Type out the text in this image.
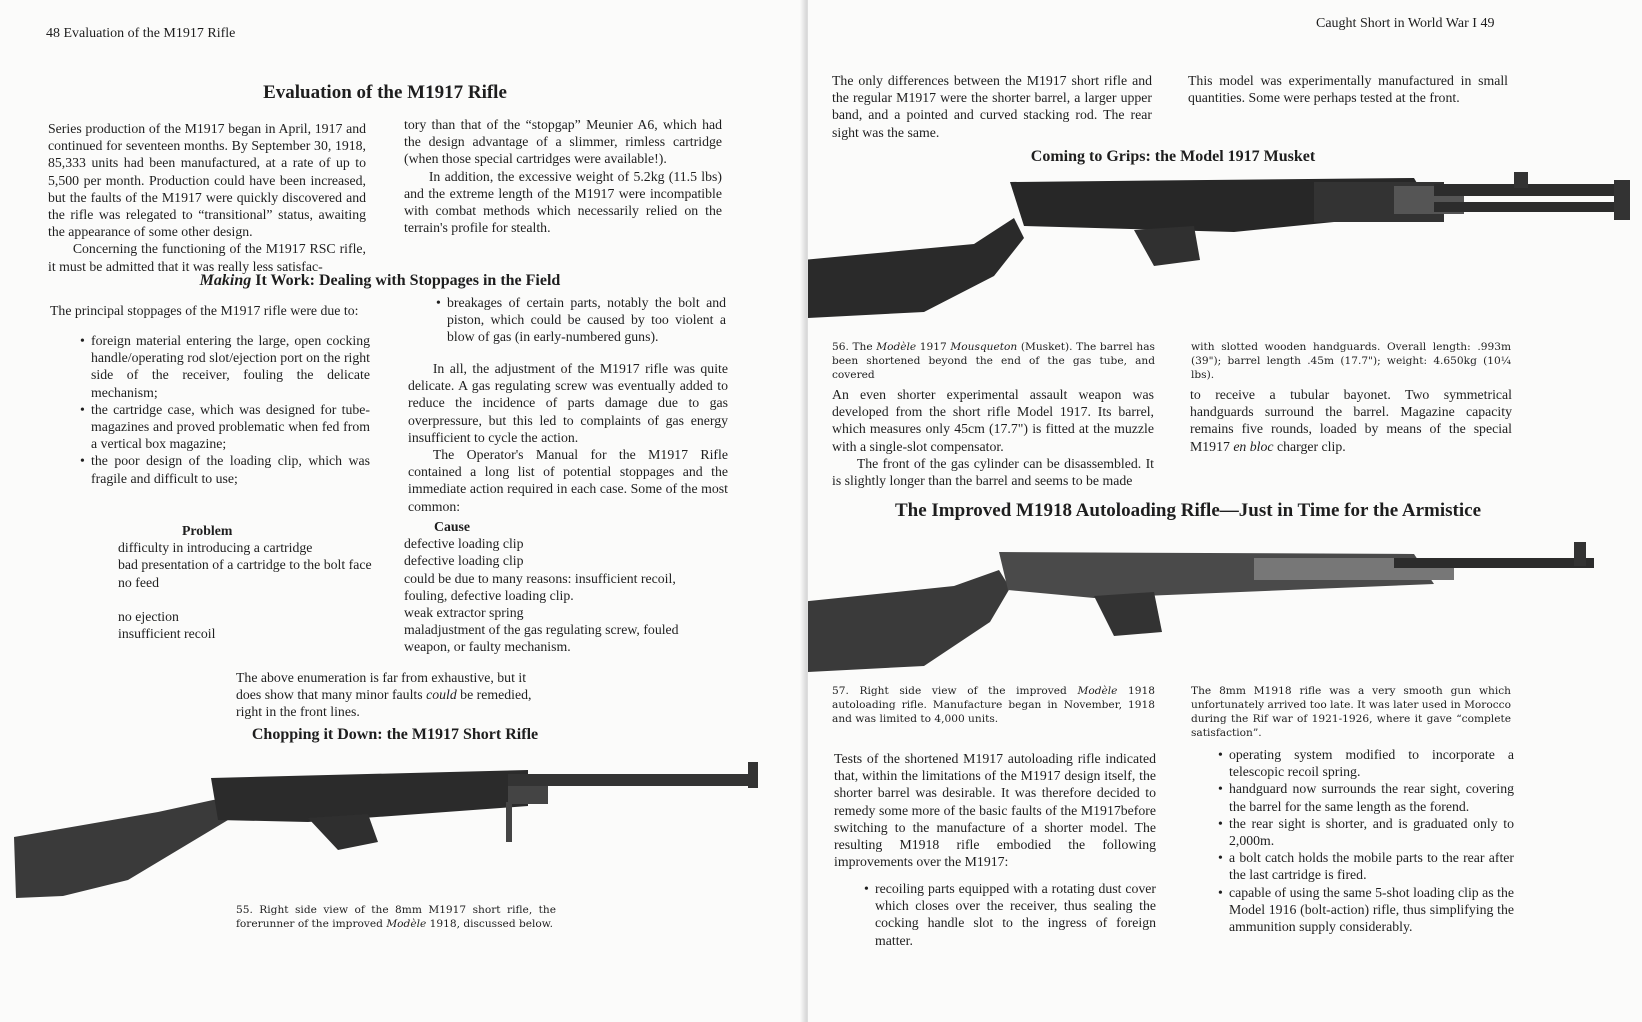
48 Evaluation of the M1917 Rifle
Evaluation of the M1917 Rifle

Series production of the M1917 began in April, 1917 and continued for seventeen months. By September 30, 1918, 85,333 units had been manufactured, at a rate of up to 5,500 per month. Production could have been increased, but the faults of the M1917 were quickly discovered and the rifle was relegated to “transitional” status, awaiting the appearance of some other design.

Concerning the functioning of the M1917 RSC rifle, it must be admitted that it was really less satisfac-

tory than that of the “stopgap” Meunier A6, which had the design advantage of a slimmer, rimless cartridge (when those special cartridges were available!).

In addition, the excessive weight of 5.2kg (11.5 lbs) and the extreme length of the M1917 were incompatible with combat methods which necessarily relied on the terrain's profile for stealth.

Making It Work: Dealing with Stoppages in the Field
The principal stoppages of the M1917 rifle were due to:
• foreign material entering the large, open cocking handle/operating rod slot/ejection port on the right side of the receiver, fouling the delicate mechanism;
• the cartridge case, which was designed for tube-magazines and proved problematic when fed from a vertical box magazine;
• the poor design of the loading clip, which was fragile and difficult to use;
• breakages of certain parts, notably the bolt and piston, which could be caused by too violent a blow of gas (in early-numbered guns).

In all, the adjustment of the M1917 rifle was quite delicate. A gas regulating screw was eventually added to reduce the incidence of parts damage due to gas overpressure, but this led to complaints of gas energy insufficient to cycle the action.

The Operator's Manual for the M1917 Rifle contained a long list of potential stoppages and the immediate action required in each case. Some of the most common:

Problem
difficulty in introducing a cartridge
bad presentation of a cartridge to the bolt face
no feed
no ejection
insufficient recoil
Cause
defective loading clip
defective loading clip
could be due to many reasons: insufficient recoil,
fouling, defective loading clip.
weak extractor spring
maladjustment of the gas regulating screw, fouled
weapon, or faulty mechanism.
The above enumeration is far from exhaustive, but it does show that many minor faults could be remedied, right in the front lines.
Chopping it Down: the M1917 Short Rifle
55. Right side view of the 8mm M1917 short rifle, the forerunner of the improved Modèle 1918, discussed below.
Caught Short in World War I 49
The only differences between the M1917 short rifle and the regular M1917 were the shorter barrel, a larger upper band, and a pointed and curved stacking rod. The rear sight was the same.
This model was experimentally manufactured in small quantities. Some were perhaps tested at the front.
Coming to Grips: the Model 1917 Musket
56. The Modèle 1917 Mousqueton (Musket). The barrel has been shortened beyond the end of the gas tube, and covered
with slotted wooden handguards. Overall length: .993m (39"); barrel length .45m (17.7"); weight: 4.650kg (10¼ lbs).

An even shorter experimental assault weapon was developed from the short rifle Model 1917. Its barrel, which measures only 45cm (17.7") is fitted at the muzzle with a single-slot compensator.

The front of the gas cylinder can be disassembled. It is slightly longer than the barrel and seems to be made

to receive a tubular bayonet. Two symmetrical handguards surround the barrel. Magazine capacity remains five rounds, loaded by means of the special M1917 en bloc charger clip.
The Improved M1918 Autoloading Rifle—Just in Time for the Armistice
57. Right side view of the improved Modèle 1918 autoloading rifle. Manufacture began in November, 1918 and was limited to 4,000 units.
The 8mm M1918 rifle was a very smooth gun which unfortunately arrived too late. It was later used in Morocco during the Rif war of 1921-1926, where it gave “complete satisfaction”.
Tests of the shortened M1917 autoloading rifle indicated that, within the limitations of the M1917 design itself, the shorter barrel was desirable. It was therefore decided to remedy some more of the basic faults of the M1917before switching to the manufacture of a shorter model. The resulting M1918 rifle embodied the following improvements over the M1917:
• recoiling parts equipped with a rotating dust cover which closes over the receiver, thus sealing the cocking handle slot to the ingress of foreign matter.
• operating system modified to incorporate a telescopic recoil spring.
• handguard now surrounds the rear sight, covering the barrel for the same length as the forend.
• the rear sight is shorter, and is graduated only to 2,000m.
• a bolt catch holds the mobile parts to the rear after the last cartridge is fired.
• capable of using the same 5-shot loading clip as the Model 1916 (bolt-action) rifle, thus simplifying the ammunition supply considerably.
